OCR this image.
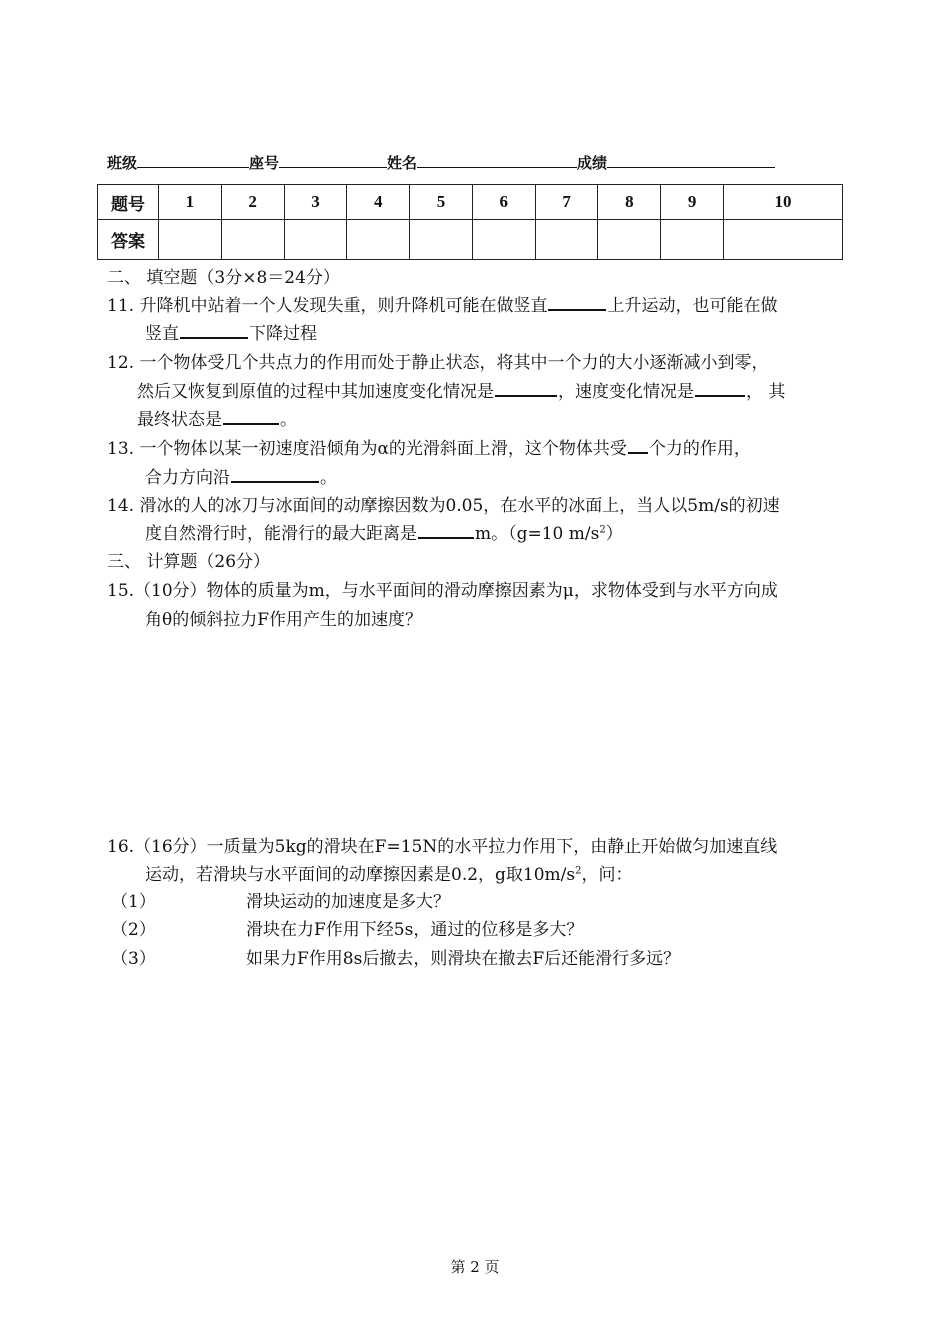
班级	座号	姓名	成绩
题号	1	2	3	4	5	6	7	8	9	10
答案										
二、 填空题（3分×8＝24分）
11. 升降机中站着一个人发现失重，则升降机可能在做竖直	上升运动，也可能在做
竖直	下降过程
12. 一个物体受几个共点力的作用而处于静止状态，将其中一个力的大小逐渐减小到零，
然后又恢复到原值的过程中其加速度变化情况是	，速度变化情况是	， 其
最终状态是	。
13. 一个物体以某一初速度沿倾角为α的光滑斜面上滑，这个物体共受 个力的作用，
合力方向沿	。
14. 滑冰的人的冰刀与冰面间的动摩擦因数为0.05，在水平的冰面上，当人以5m/s的初速
度自然滑行时，能滑行的最大距离是	m。（g=10 $m/s^2$）
三、 计算题（26分）
15.（10分）物体的质量为m，与水平面间的滑动摩擦因素为μ，求物体受到与水平方向成
角θ的倾斜拉力F作用产生的加速度？
16.（16分）一质量为5kg的滑块在F=15N的水平拉力作用下，由静止开始做匀加速直线
运动，若滑块与水平面间的动摩擦因素是0.2，g取$10m/s^2$，问：
（1）	滑块运动的加速度是多大？
（2）	滑块在力F作用下经5s，通过的位移是多大？
（3）	如果力F作用8s后撤去，则滑块在撤去F后还能滑行多远？
第 2 页
